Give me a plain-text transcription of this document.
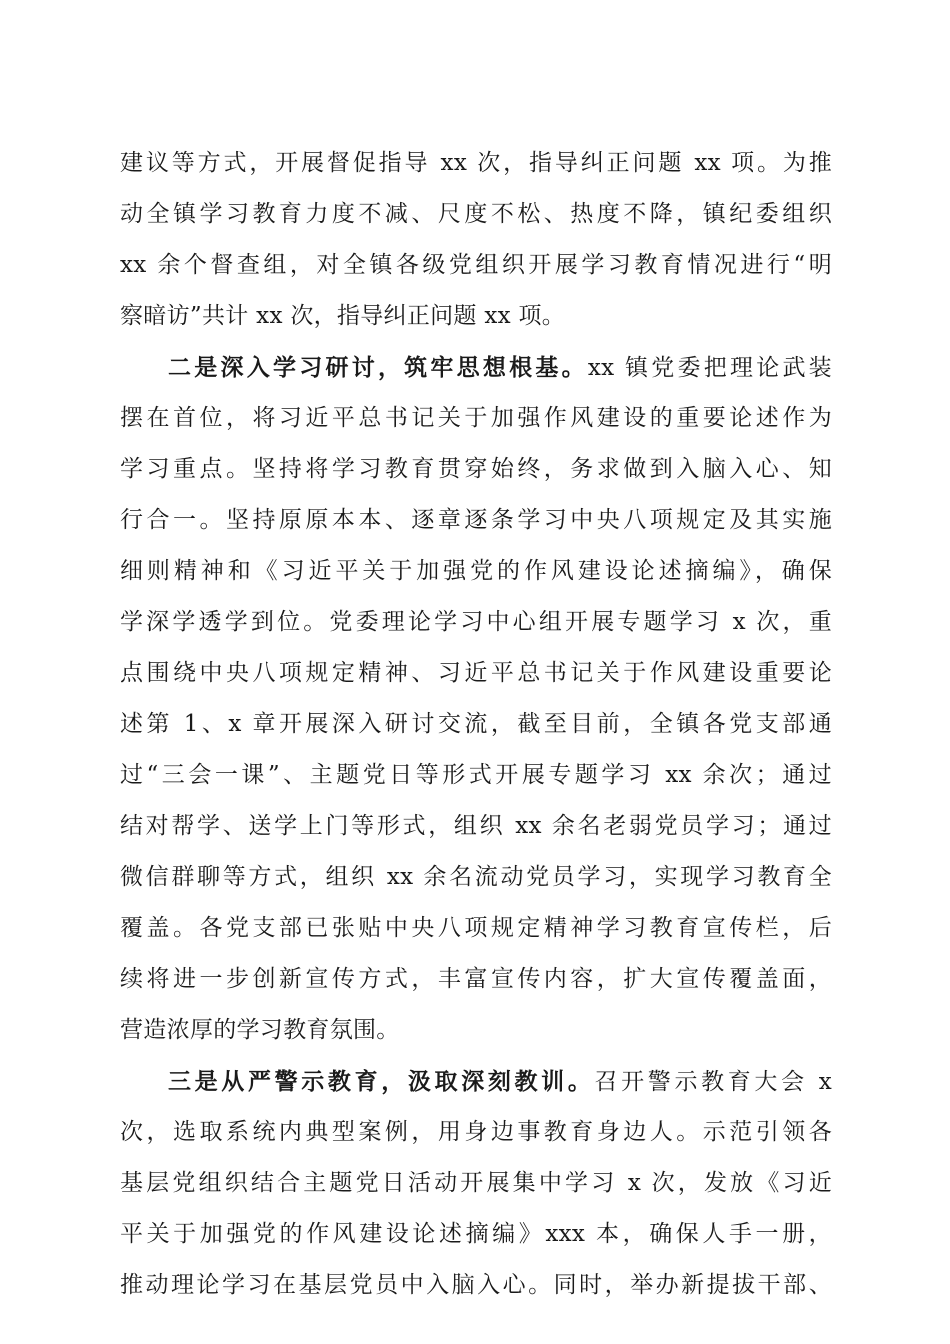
建议等方式，开展督促指导 xx 次，指导纠正问题 xx 项。为推
动全镇学习教育力度不减、尺度不松、热度不降，镇纪委组织
xx 余个督查组，对全镇各级党组织开展学习教育情况进行“明
察暗访”共计 xx 次，指导纠正问题 xx 项。
二是深入学习研讨，筑牢思想根基。xx 镇党委把理论武装
摆在首位，将习近平总书记关于加强作风建设的重要论述作为
学习重点。坚持将学习教育贯穿始终，务求做到入脑入心、知
行合一。坚持原原本本、逐章逐条学习中央八项规定及其实施
细则精神和《习近平关于加强党的作风建设论述摘编》，确保
学深学透学到位。党委理论学习中心组开展专题学习 x 次，重
点围绕中央八项规定精神、习近平总书记关于作风建设重要论
述第 1、x 章开展深入研讨交流，截至目前，全镇各党支部通
过“三会一课”、主题党日等形式开展专题学习 xx 余次；通过
结对帮学、送学上门等形式，组织 xx 余名老弱党员学习；通过
微信群聊等方式，组织 xx 余名流动党员学习，实现学习教育全
覆盖。各党支部已张贴中央八项规定精神学习教育宣传栏，后
续将进一步创新宣传方式，丰富宣传内容，扩大宣传覆盖面，
营造浓厚的学习教育氛围。
三是从严警示教育，汲取深刻教训。召开警示教育大会 x
次，选取系统内典型案例，用身边事教育身边人。示范引领各
基层党组织结合主题党日活动开展集中学习 x 次，发放《习近
平关于加强党的作风建设论述摘编》xxx 本，确保人手一册，
推动理论学习在基层党员中入脑入心。同时，举办新提拔干部、
